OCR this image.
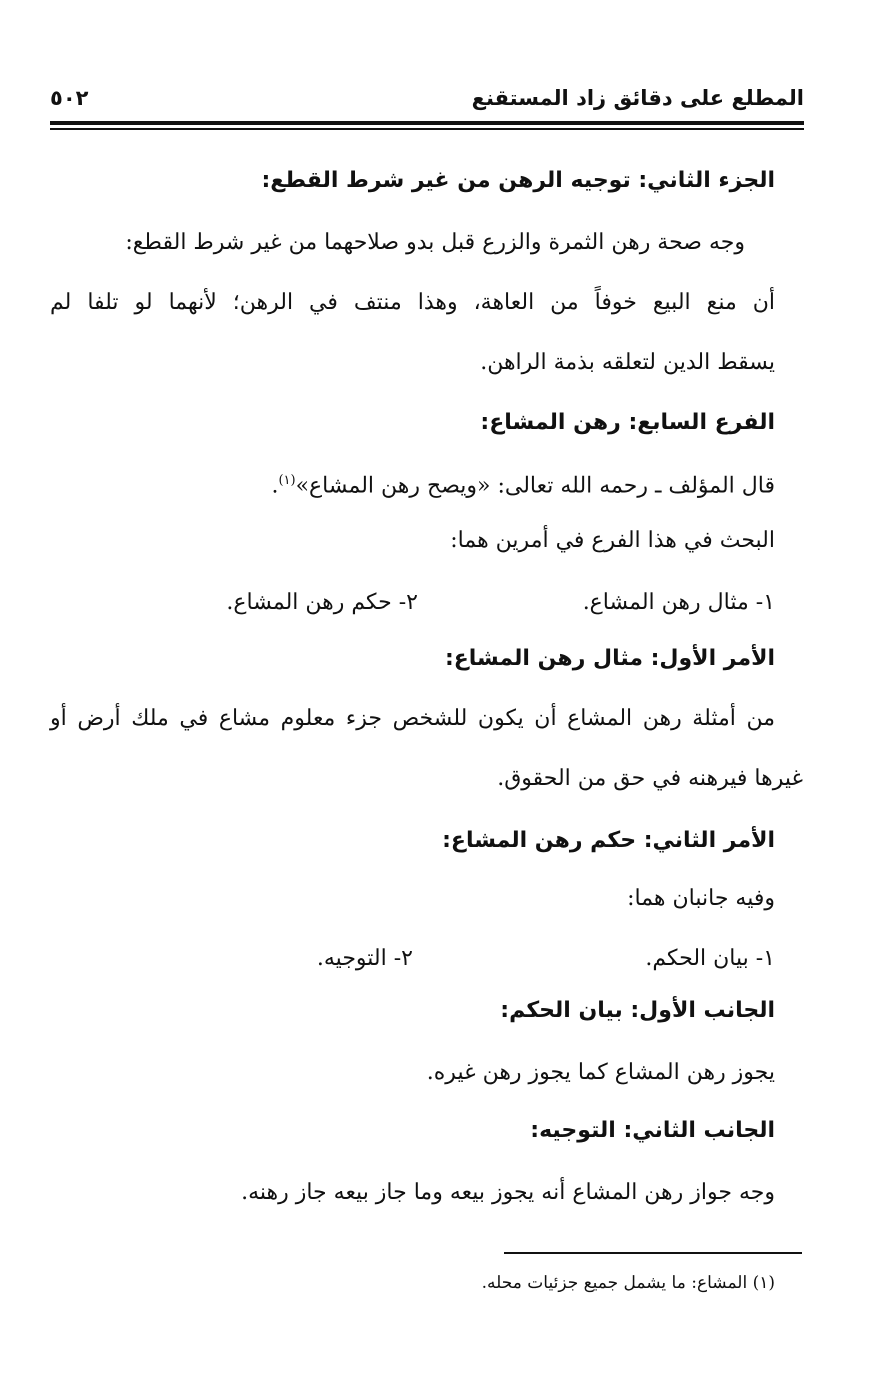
المطلع على دقائق زاد المستقنع
٥٠٢
الجزء الثاني: توجيه الرهن من غير شرط القطع:
وجه صحة رهن الثمرة والزرع قبل بدو صلاحهما من غير شرط القطع:
أن منع البيع خوفاً من العاهة، وهذا منتف في الرهن؛ لأنهما لو تلفا لم
يسقط الدين لتعلقه بذمة الراهن.
الفرع السابع: رهن المشاع:
قال المؤلف ـ رحمه الله تعالى: «ويصح رهن المشاع»$^{(١)}$.
البحث في هذا الفرع في أمرين هما:
١- مثال رهن المشاع.
٢- حكم رهن المشاع.
الأمر الأول: مثال رهن المشاع:
من أمثلة رهن المشاع أن يكون للشخص جزء معلوم مشاع في ملك أرض أو
غيرها فيرهنه في حق من الحقوق.
الأمر الثاني: حكم رهن المشاع:
وفيه جانبان هما:
١- بيان الحكم.
٢- التوجيه.
الجانب الأول: بيان الحكم:
يجوز رهن المشاع كما يجوز رهن غيره.
الجانب الثاني: التوجيه:
وجه جواز رهن المشاع أنه يجوز بيعه وما جاز بيعه جاز رهنه.
(١) المشاع: ما يشمل جميع جزئيات محله.
